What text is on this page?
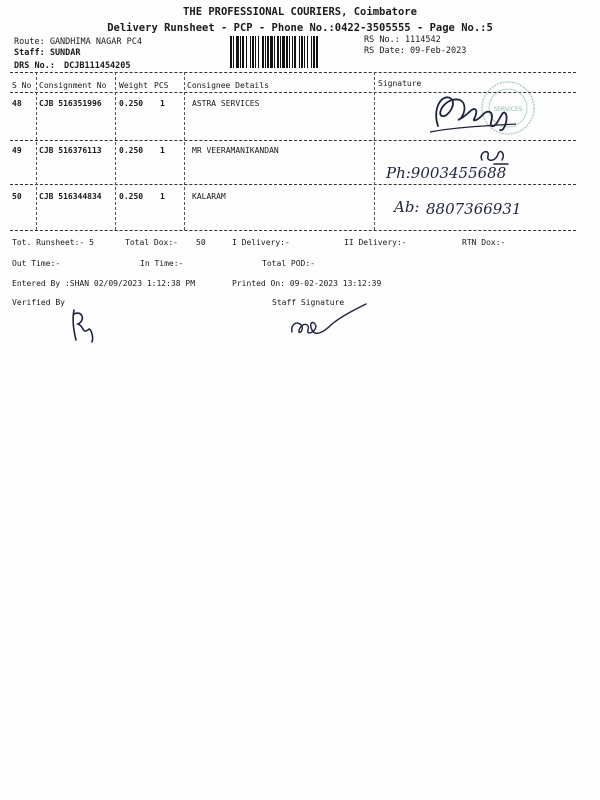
THE PROFESSIONAL COURIERS, Coimbatore
Delivery Runsheet - PCP - Phone No.:0422-3505555 - Page No.:5
Route: GANDHIMA NAGAR PC4
Staff: SUNDAR
DRS No.: DCJB111454205
RS No.: 1114542
RS Date: 09-Feb-2023
S No Consignment No Weight PCS Consignee Details	Signature
48 CJB 516351996 0.250 1	ASTRA SERVICES
49 CJB 516376113 0.250 1	MR VEERAMANIKANDAN
50 CJB 516344834 0.250 1	KALARAM
SERVICES
Ph:9003455688
Ab: 8807366931
Tot. Runsheet:- 5	Total Dox:- 50	I Delivery:-	II Delivery:-	RTN Dox:-
Out Time:-	In Time:-	Total POD:-
Entered By :SHAN 02/09/2023 1:12:38 PM	Printed On: 09-02-2023 13:12:39
Verified By	Staff Signature
